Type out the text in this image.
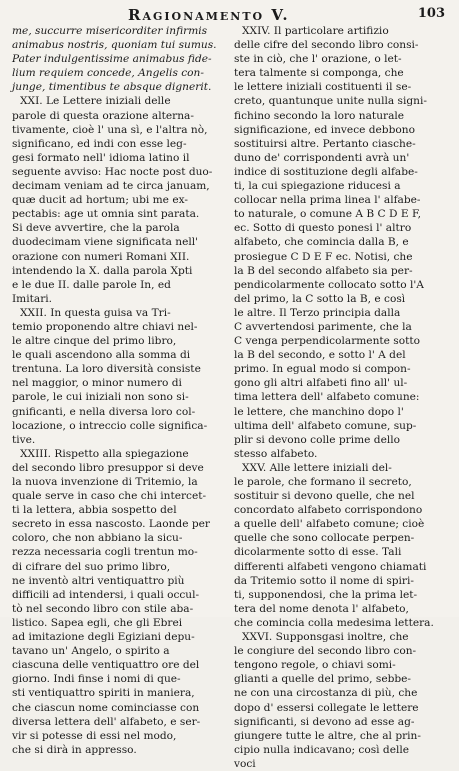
Ragionamento V.	103
me, succurre misericorditer infirmis
animabus nostris, quoniam tui sumus.
Pater indulgentissime animabus fide-
lium requiem concede, Angelis con-
junge, timentibus te absque dignerit.
XXI. Le Lettere iniziali delle
parole di questa orazione alterna-
tivamente, cioè l' una sì, e l'altra nò,
significano, ed indi con esse leg-
gesi formato nell' idioma latino il
seguente avviso: Hac nocte post duo-
decimam veniam ad te circa januam,
quæ ducit ad hortum; ubi me ex-
pectabis: age ut omnia sint parata.
Si deve avvertire, che la parola
duodecimam viene significata nell'
orazione con numeri Romani XII.
intendendo la X. dalla parola Xpti
e le due II. dalle parole In, ed
Imitari.
XXII. In questa guisa va Tri-
temio proponendo altre chiavi nel-
le altre cinque del primo libro,
le quali ascendono alla somma di
trentuna. La loro diversità consiste
nel maggior, o minor numero di
parole, le cui iniziali non sono si-
gnificanti, e nella diversa loro col-
locazione, o intreccio colle significa-
tive.
XXIII. Rispetto alla spiegazione
del secondo libro presuppor si deve
la nuova invenzione di Tritemio, la
quale serve in caso che chi intercet-
ti la lettera, abbia sospetto del
secreto in essa nascosto. Laonde per
coloro, che non abbiano la sicu-
rezza necessaria cogli trentun mo-
di cifrare del suo primo libro,
ne inventò altri ventiquattro più
difficili ad intendersi, i quali occul-
tò nel secondo libro con stile aba-
listico. Sapea egli, che gli Ebrei
ad imitazione degli Egiziani depu-
tavano un' Angelo, o spirito a
ciascuna delle ventiquattro ore del
giorno. Indi finse i nomi di que-
sti ventiquattro spiriti in maniera,
che ciascun nome cominciasse con
diversa lettera dell' alfabeto, e ser-
vir si potesse di essi nel modo,
che si dirà in appresso.
XXIV. Il particolare artifizio
delle cifre del secondo libro consi-
ste in ciò, che l' orazione, o let-
tera talmente si componga, che
le lettere iniziali costituenti il se-
creto, quantunque unite nulla signi-
fichino secondo la loro naturale
significazione, ed invece debbono
sostituirsi altre. Pertanto ciasche-
duno de' corrispondenti avrà un'
indice di sostituzione degli alfabe-
ti, la cui spiegazione riducesi a
collocar nella prima linea l' alfabe-
to naturale, o comune A B C D E F,
ec. Sotto di questo ponesi l' altro
alfabeto, che comincia dalla B, e
prosiegue C D E F ec. Notisi, che
la B del secondo alfabeto sia per-
pendicolarmente collocato sotto l'A
del primo, la C sotto la B, e così
le altre. Il Terzo principia dalla
C avvertendosi parimente, che la
C venga perpendicolarmente sotto
la B del secondo, e sotto l' A del
primo. In egual modo si compon-
gono gli altri alfabeti fino all' ul-
tima lettera dell' alfabeto comune:
le lettere, che manchino dopo l'
ultima dell' alfabeto comune, sup-
plir si devono colle prime dello
stesso alfabeto.
XXV. Alle lettere iniziali del-
le parole, che formano il secreto,
sostituir si devono quelle, che nel
concordato alfabeto corrispondono
a quelle dell' alfabeto comune; cioè
quelle che sono collocate perpen-
dicolarmente sotto di esse. Tali
differenti alfabeti vengono chiamati
da Tritemio sotto il nome di spiri-
ti, supponendosi, che la prima let-
tera del nome denota l' alfabeto,
che comincia colla medesima lettera.
XXVI. Supponsgasi inoltre, che
le congiure del secondo libro con-
tengono regole, o chiavi somi-
glianti a quelle del primo, sebbe-
ne con una circostanza di più, che
dopo d' essersi collegate le lettere
significanti, si devono ad esse ag-
giungere tutte le altre, che al prin-
cipio nulla indicavano; così delle
voci
